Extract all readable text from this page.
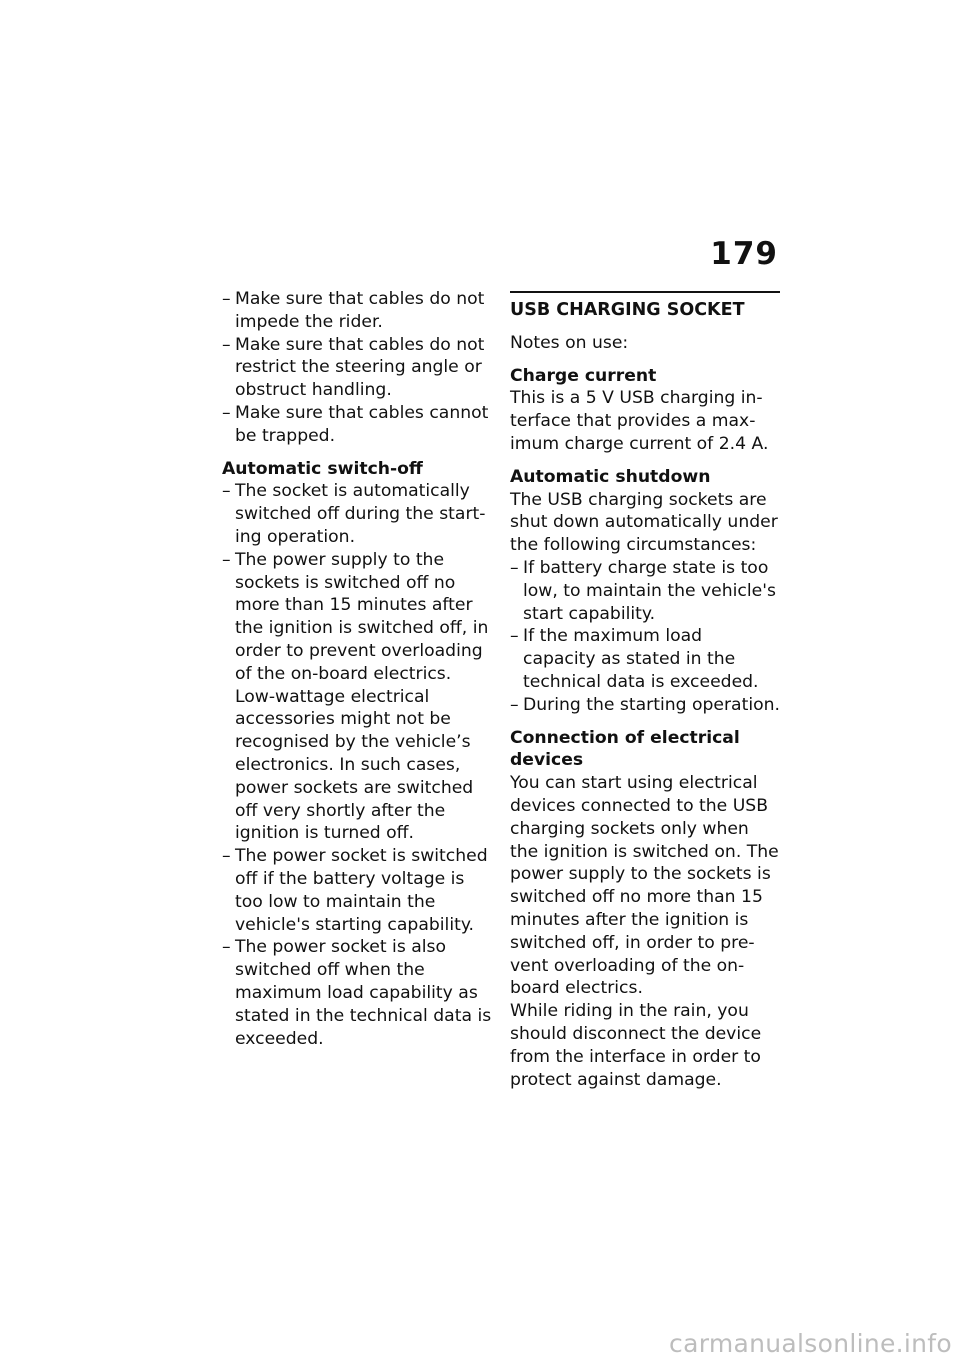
179
– Make sure that cables do not impede the rider.
– Make sure that cables do not restrict the steering angle or obstruct handling.
– Make sure that cables cannot be trapped.
Automatic switch-off
– The socket is automatically switched off during the start-ing operation.
– The power supply to the sockets is switched off no more than 15 minutes after the ignition is switched off, in order to prevent overloading of the on-board electrics. Low-wattage electrical accessories might not be recognised by the vehicle’s electronics. In such cases, power sockets are switched off very shortly after the ignition is turned off.
– The power socket is switched off if the battery voltage is too low to maintain the vehicle's starting capability.
– The power socket is also switched off when the maximum load capability as stated in the technical data is exceeded.
USB CHARGING SOCKET

Notes on use:

Charge current

This is a 5 V USB charging in-terface that provides a max-imum charge current of 2.4 A.

Automatic shutdown

The USB charging sockets are shut down automatically under the following circumstances:

– If battery charge state is too low, to maintain the vehicle's start capability.
– If the maximum load capacity as stated in the technical data is exceeded.
– During the starting operation.
Connection of electrical devices

You can start using electrical devices connected to the USB charging sockets only when the ignition is switched on. The power supply to the sockets is switched off no more than 15 minutes after the ignition is switched off, in order to pre-vent overloading of the on-board electrics.

While riding in the rain, you should disconnect the device from the interface in order to protect against damage.

carmanualsonline.info
